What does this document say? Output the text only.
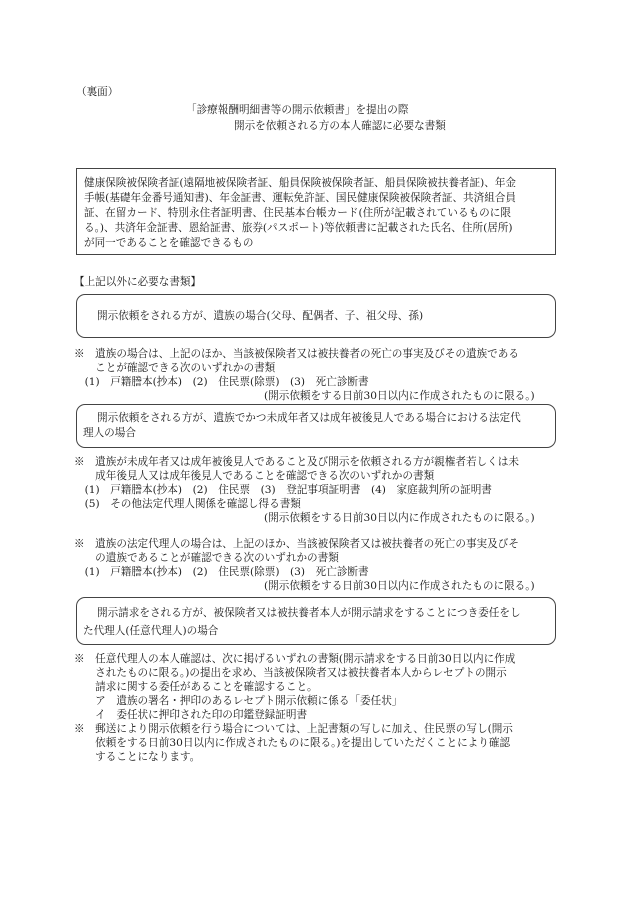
（裏面）
「診療報酬明細書等の開示依頼書」を提出の際
開示を依頼される方の本人確認に必要な書類
健康保険被保険者証(遠隔地被保険者証、船員保険被保険者証、船員保険被扶養者証)、年金
手帳(基礎年金番号通知書)、年金証書、運転免許証、国民健康保険被保険者証、共済組合員
証、在留カード、特別永住者証明書、住民基本台帳カード(住所が記載されているものに限
る。)、共済年金証書、恩給証書、旅券(パスポート)等依頼書に記載された氏名、住所(居所)
が同一であることを確認できるもの
【上記以外に必要な書類】
開示依頼をされる方が、遺族の場合(父母、配偶者、子、祖父母、孫)
※　遺族の場合は、上記のほか、当該被保険者又は被扶養者の死亡の事実及びその遺族である
　　ことが確認できる次のいずれかの書類
　(1)　戸籍謄本(抄本)　(2)　住民票(除票)　(3)　死亡診断書
(開示依頼をする日前30日以内に作成されたものに限る。)
開示依頼をされる方が、遺族でかつ未成年者又は成年被後見人である場合における法定代
理人の場合
※　遺族が未成年者又は成年被後見人であること及び開示を依頼される方が親権者若しくは未
　　成年後見人又は成年後見人であることを確認できる次のいずれかの書類
　(1)　戸籍謄本(抄本)　(2)　住民票　(3)　登記事項証明書　(4)　家庭裁判所の証明書
　(5)　その他法定代理人関係を確認し得る書類
(開示依頼をする日前30日以内に作成されたものに限る。)
※　遺族の法定代理人の場合は、上記のほか、当該被保険者又は被扶養者の死亡の事実及びそ
　　の遺族であることが確認できる次のいずれかの書類
　(1)　戸籍謄本(抄本)　(2)　住民票(除票)　(3)　死亡診断書
(開示依頼をする日前30日以内に作成されたものに限る。)
開示請求をされる方が、被保険者又は被扶養者本人が開示請求をすることにつき委任をし
た代理人(任意代理人)の場合
※　任意代理人の本人確認は、次に掲げるいずれの書類(開示請求をする日前30日以内に作成
　　されたものに限る。)の提出を求め、当該被保険者又は被扶養者本人からレセプトの開示
　　請求に関する委任があることを確認すること。
　　ア　遺族の署名・押印のあるレセプト開示依頼に係る「委任状」
　　イ　委任状に押印された印の印鑑登録証明書
※　郵送により開示依頼を行う場合については、上記書類の写しに加え、住民票の写し(開示
　　依頼をする日前30日以内に作成されたものに限る。)を提出していただくことにより確認
　　することになります。
